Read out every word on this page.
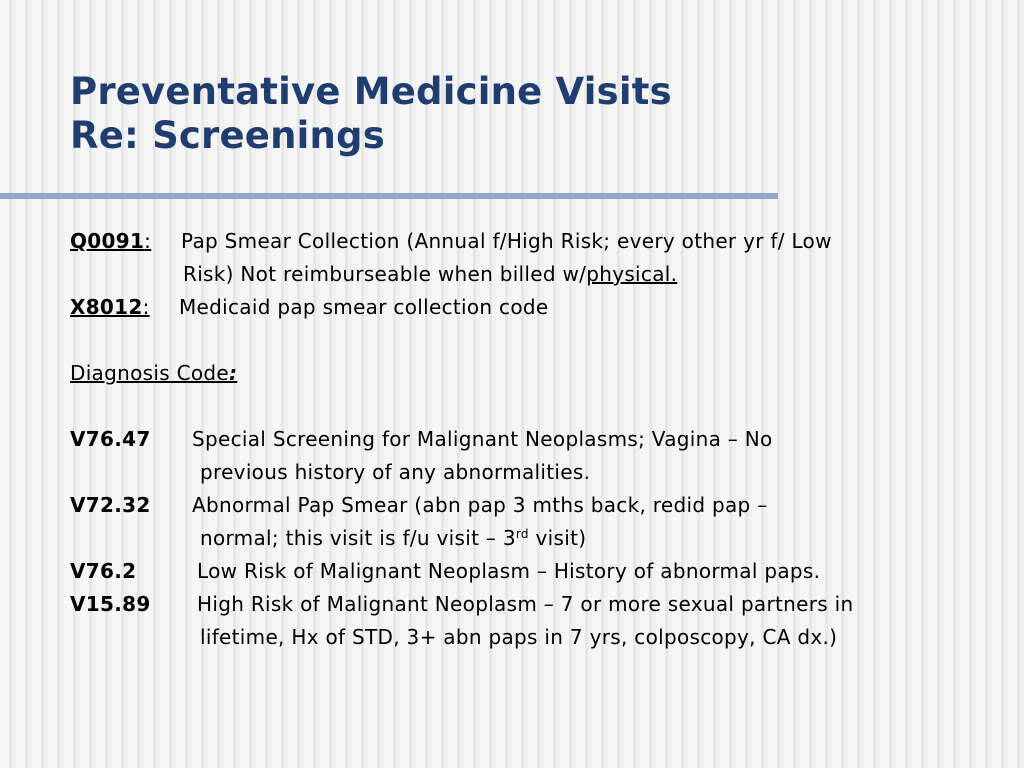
Preventative Medicine Visits
Re: Screenings
Q0091: Pap Smear Collection (Annual f/High Risk; every other yr f/ Low
Risk) Not reimburseable when billed w/physical.
X8012: Medicaid pap smear collection code
Diagnosis Code:
V76.47 Special Screening for Malignant Neoplasms; Vagina – No
previous history of any abnormalities.
V72.32 Abnormal Pap Smear (abn pap 3 mths back, redid pap –
normal; this visit is f/u visit – 3rd visit)
V76.2	Low Risk of Malignant Neoplasm – History of abnormal paps.
V15.89 High Risk of Malignant Neoplasm – 7 or more sexual partners in
lifetime, Hx of STD, 3+ abn paps in 7 yrs, colposcopy, CA dx.)
